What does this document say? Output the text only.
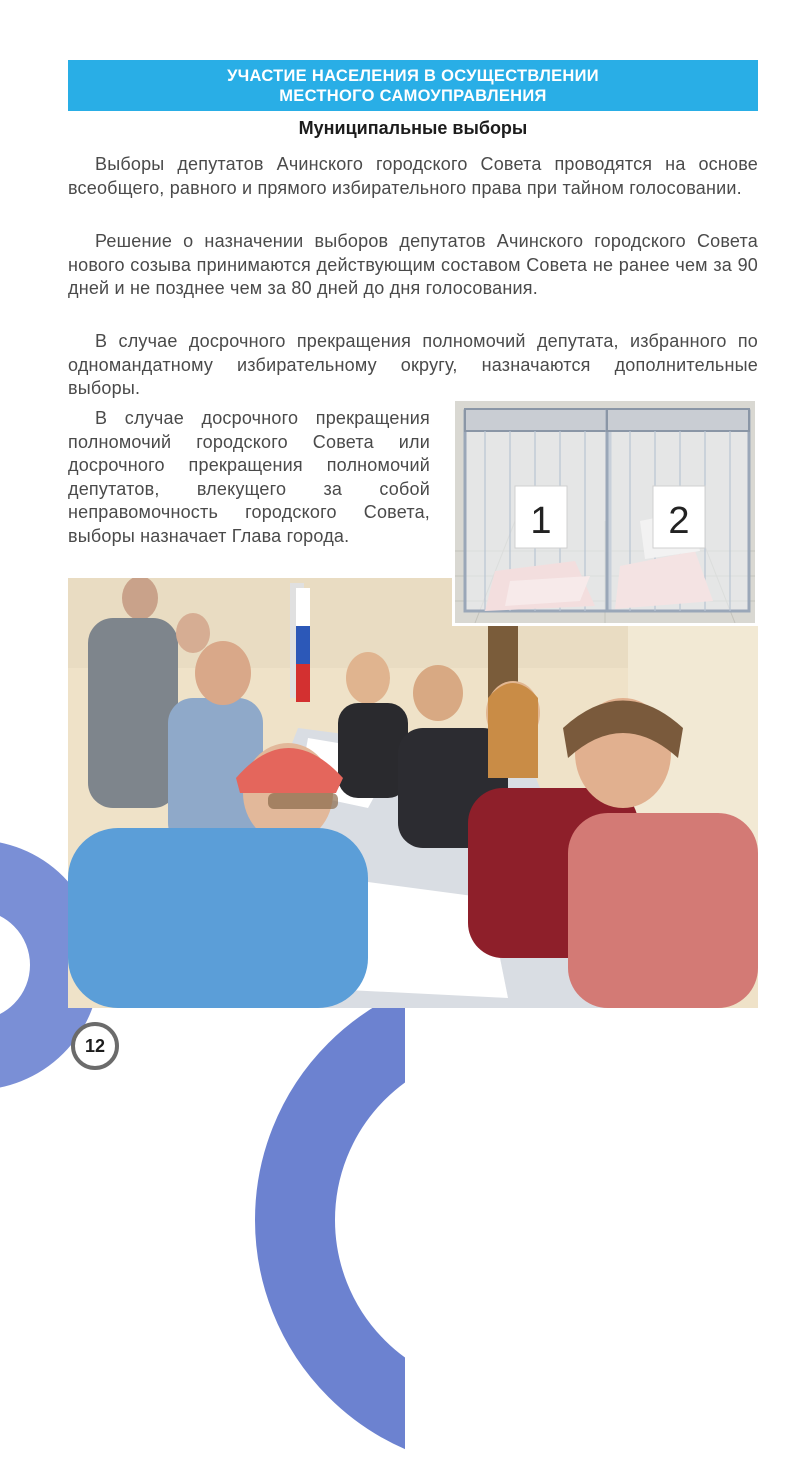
УЧАСТИЕ НАСЕЛЕНИЯ В ОСУЩЕСТВЛЕНИИ
МЕСТНОГО САМОУПРАВЛЕНИЯ
Муниципальные выборы

Выборы депутатов Ачинского городского Совета проводятся на основе всеобщего, равного и прямого избирательного права при тайном голосовании.

Решение о назначении выборов депутатов Ачинского городского Совета нового созыва принимаются действующим составом Совета не ранее чем за 90 дней и не позднее чем за 80 дней до дня голосования.

В случае досрочного прекращения полномочий депутата, избранного по одномандатному избирательному округу, назначаются дополнительные выборы.

В случае досрочного прекращения полномочий городского Совета или досрочного прекращения полномочий депутатов, влекущего за собой неправомочность городского Совета, выборы назначает Глава города.	1	2
12
